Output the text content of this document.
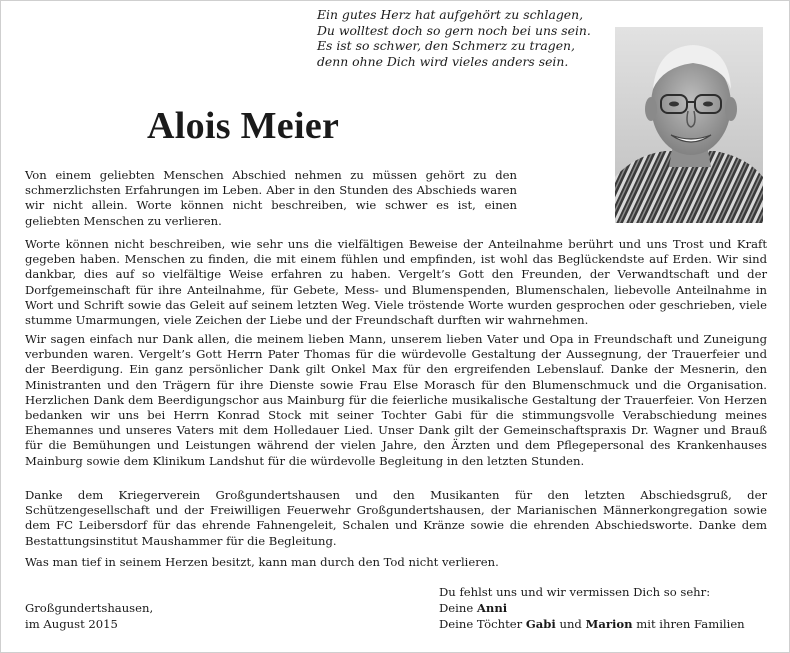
Ein gutes Herz hat aufgehört zu schlagen,
Du wolltest doch so gern noch bei uns sein.
Es ist so schwer, den Schmerz zu tragen,
denn ohne Dich wird vieles anders sein.
Alois Meier

Von einem geliebten Menschen Abschied nehmen zu müssen gehört zu den schmerzlichsten Erfahrungen im Leben. Aber in den Stunden des Abschieds waren wir nicht allein. Worte können nicht beschreiben, wie schwer es ist, einen geliebten Menschen zu verlieren.

Worte können nicht beschreiben, wie sehr uns die vielfältigen Beweise der Anteilnahme berührt und uns Trost und Kraft gegeben haben. Menschen zu finden, die mit einem fühlen und empfinden, ist wohl das Beglückendste auf Erden. Wir sind dankbar, dies auf so vielfältige Weise erfahren zu haben. Vergelt’s Gott den Freunden, der Verwandtschaft und der Dorfgemeinschaft für ihre Anteilnahme, für Gebete, Mess- und Blumenspenden, Blumenschalen, liebevolle Anteilnahme in Wort und Schrift sowie das Geleit auf seinem letzten Weg. Viele tröstende Worte wurden gesprochen oder geschrieben, viele stumme Umarmungen, viele Zeichen der Liebe und der Freundschaft durften wir wahrnehmen.

Wir sagen einfach nur Dank allen, die meinem lieben Mann, unserem lieben Vater und Opa in Freundschaft und Zuneigung verbunden waren. Vergelt’s Gott Herrn Pater Thomas für die würdevolle Gestaltung der Aussegnung, der Trauerfeier und der Beerdigung. Ein ganz persönlicher Dank gilt Onkel Max für den ergreifenden Lebenslauf. Danke der Mesnerin, den Ministranten und den Trägern für ihre Dienste sowie Frau Else Morasch für den Blumenschmuck und die Organisation. Herzlichen Dank dem Beerdigungschor aus Mainburg für die feierliche musikalische Gestaltung der Trauerfeier. Von Herzen bedanken wir uns bei Herrn Konrad Stock mit seiner Tochter Gabi für die stimmungsvolle Verabschiedung meines Ehemannes und unseres Vaters mit dem Holledauer Lied. Unser Dank gilt der Gemeinschaftspraxis Dr. Wagner und Brauß für die Bemühungen und Leistungen während der vielen Jahre, den Ärzten und dem Pflegepersonal des Krankenhauses Mainburg sowie dem Klinikum Landshut für die würdevolle Begleitung in den letzten Stunden.

Danke dem Kriegerverein Großgundertshausen und den Musikanten für den letzten Abschiedsgruß, der Schützengesellschaft und der Freiwilligen Feuerwehr Großgundertshausen, der Marianischen Männerkongregation sowie dem FC Leibersdorf für das ehrende Fahnengeleit, Schalen und Kränze sowie die ehrenden Abschiedsworte. Danke dem Bestattungsinstitut Maushammer für die Begleitung.

Was man tief in seinem Herzen besitzt, kann man durch den Tod nicht verlieren.

Du fehlst uns und wir vermissen Dich so sehr:
Großgundertshausen,
im August 2015
Deine Anni
Deine Töchter Gabi und Marion mit ihren Familien
